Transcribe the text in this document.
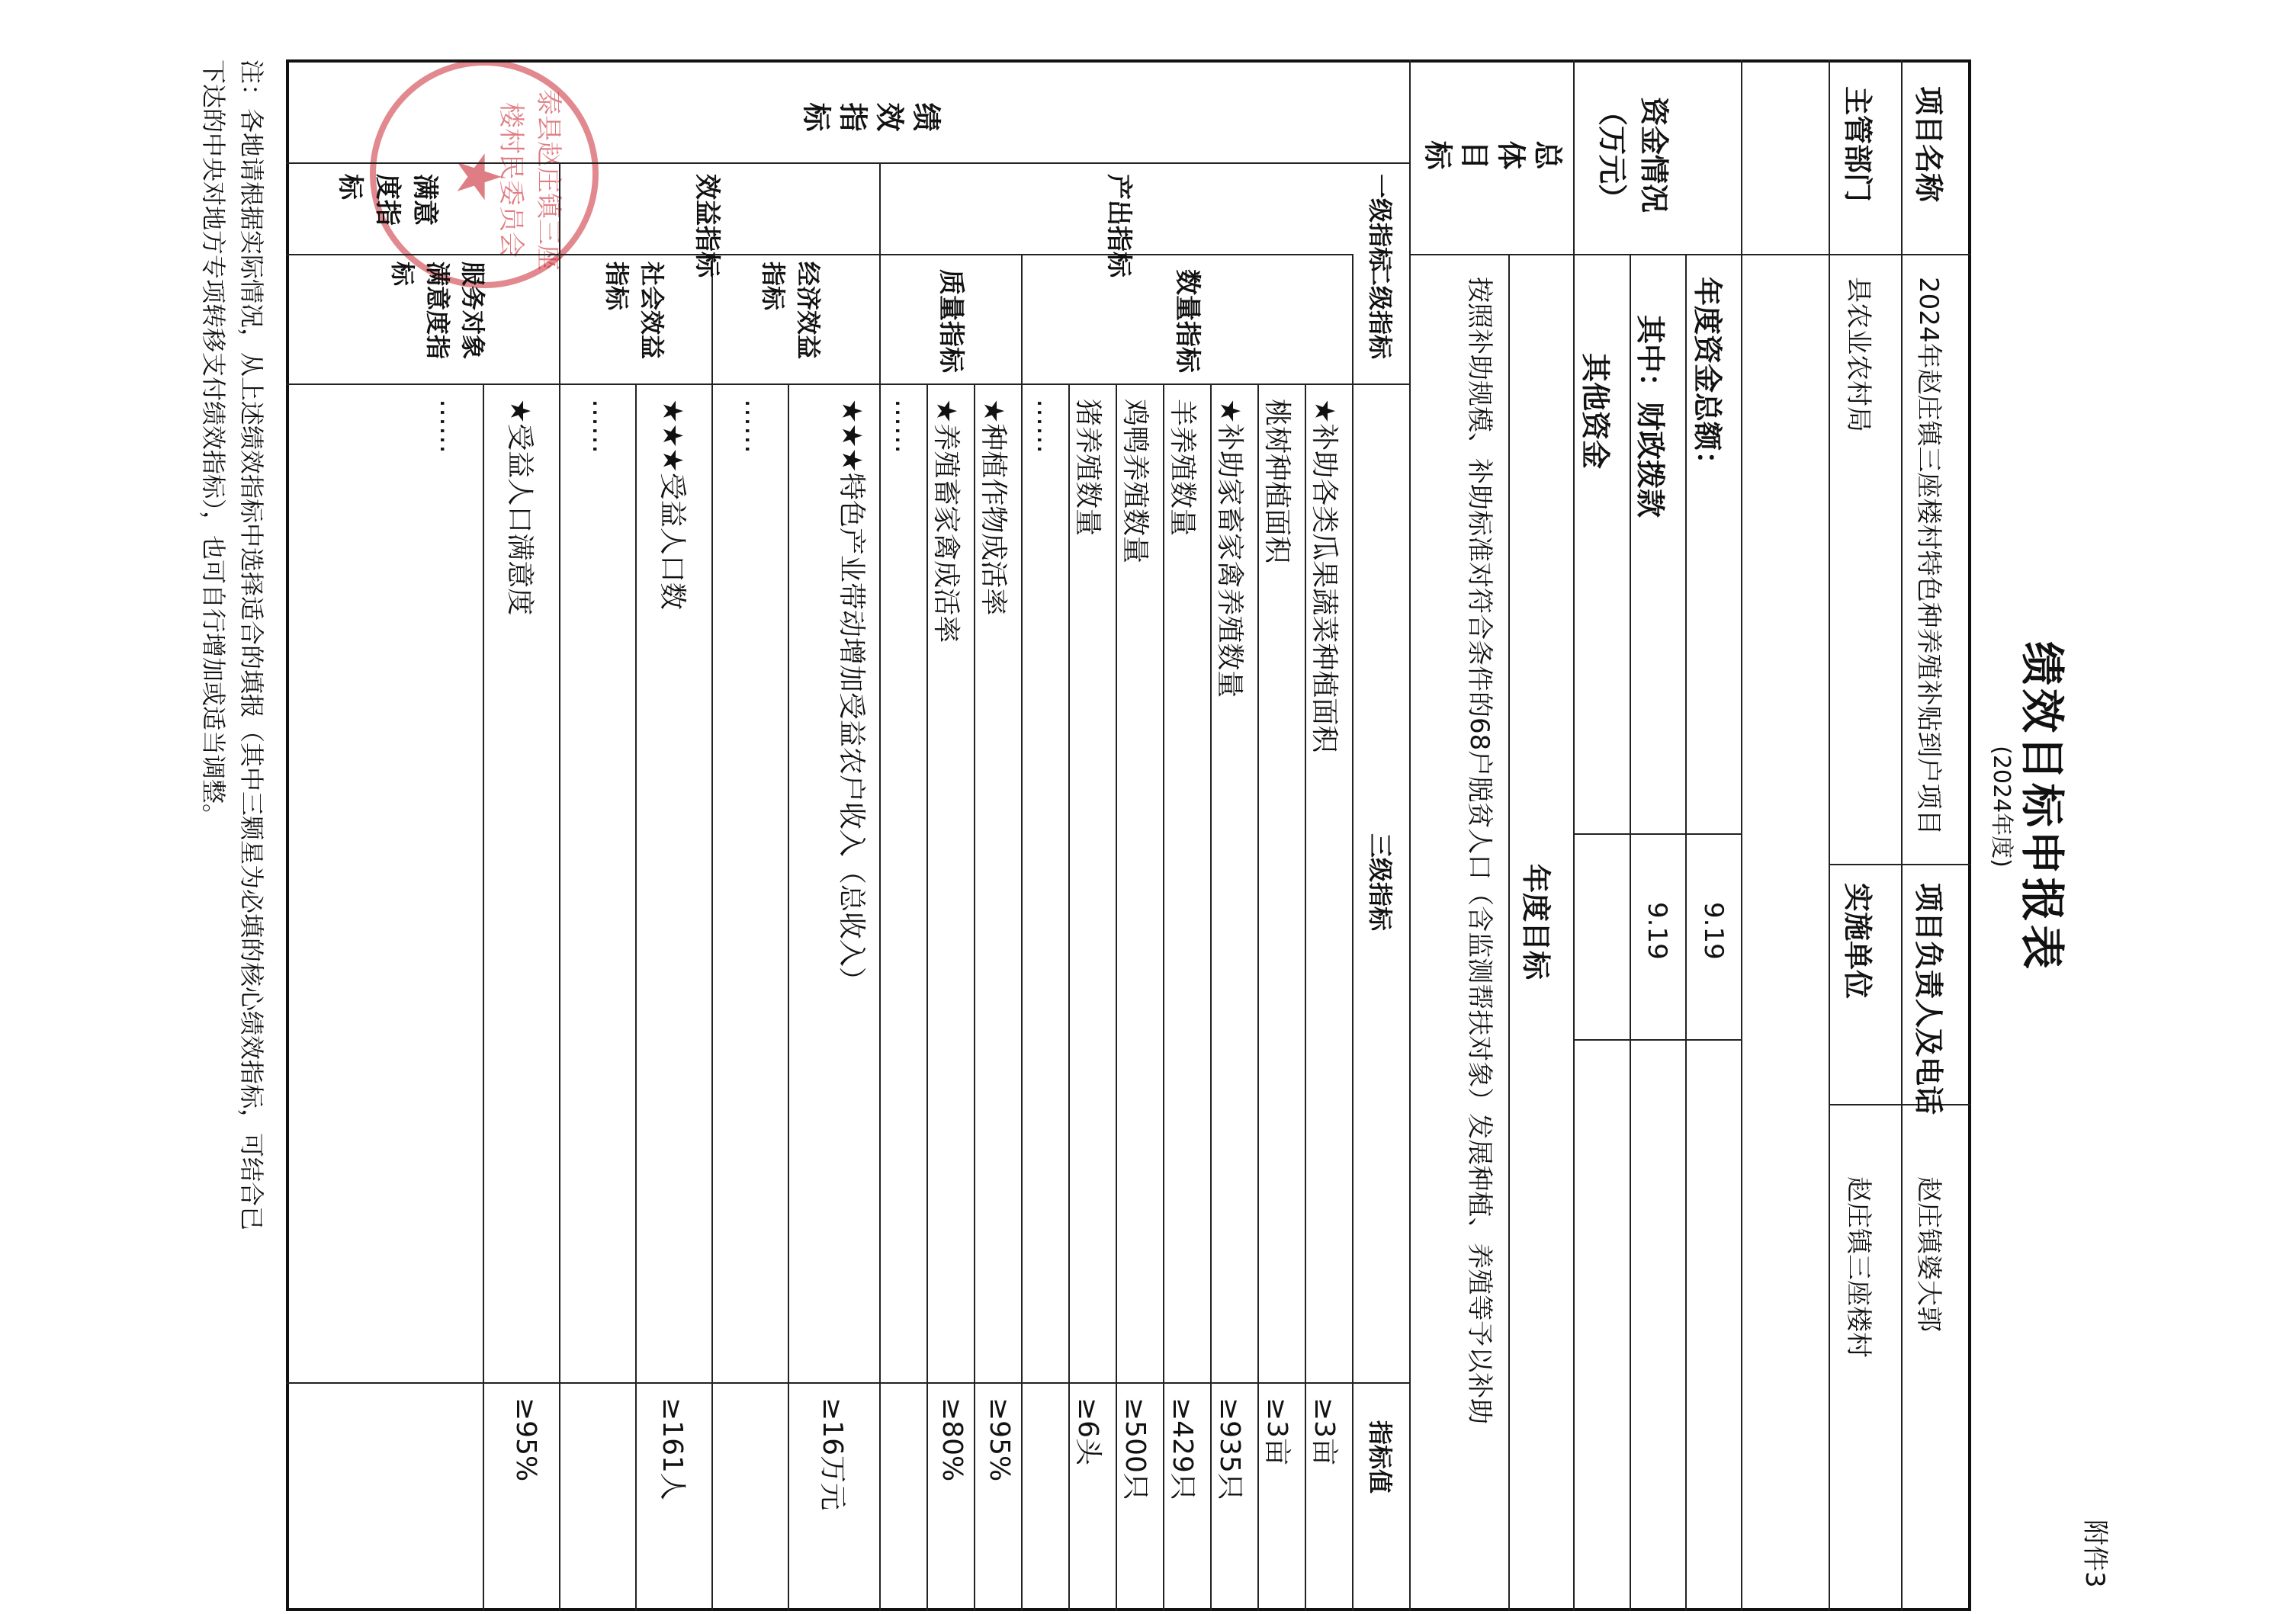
附件3
绩效目标申报表
(2024年度)
泰县赵庄镇三座楼村民委员会
★	项目名称
2024年赵庄镇三座楼村特色种养殖补贴到户项目
项目负责人及电话
赵庄镇婆大郭
主管部门
县农业农村局
实施单位
赵庄镇三座楼村
资金情况（万元）
年度资金总额：
9.19
其中：财政拨款
9.19
其他资金
总体目标
年度目标
按照补助规模、补助标准对符合条件的68户脱贫人口（含监测帮扶对象）发展种植、养殖等予以补助
绩效指标
一级指标
二级指标
三级指标
指标值
产出指标
效益指标
满意度指标
数量指标
质量指标
经济效益指标
社会效益指标
服务对象满意度指标
★补助各类瓜果蔬菜种植面积
≥3亩
桃树种植面积
≥3亩
★补助家畜家禽养殖数量
≥935只
羊养殖数量
≥429只
鸡鸭养殖数量
≥500只
猪养殖数量
≥6头
……
★种植作物成活率
≥95%
★养殖畜家禽成活率
≥80%
……
★★★特色产业带动增加受益农户收入（总收入）
≥16万元
……
★★★受益人口数
≥161人
……
★受益人口满意度
≥95%
……
注：各地请根据实际情况，从上述绩效指标中选择适合的填报（其中三颗星为必填的核心绩效指标，可结合已
下达的中央对地方专项转移支付绩效指标），也可自行增加或适当调整。
